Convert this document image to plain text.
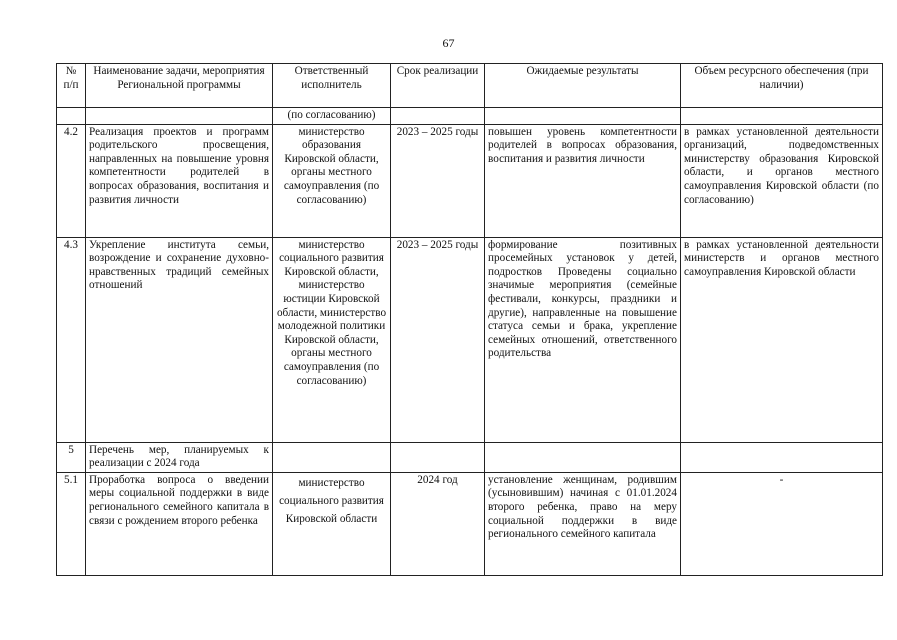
67
№ п/п	Наименование задачи, мероприятия Региональной программы	Ответственный исполнитель	Срок реализации	Ожидаемые результаты	Объем ресурсного обеспечения (при наличии)
		(по согласованию)			
4.2	Реализация проектов и программ родительского просвещения, направленных на повышение уровня компетентности родителей в вопросах образования, воспитания и развития личности	министерство образования Кировской области, органы местного самоуправления (по согласованию)	2023 – 2025 годы	повышен уровень компетентности родителей в вопросах образования, воспитания и развития личности	в рамках установленной деятельности организаций, подведомственных министерству образования Кировской области, и органов местного самоуправления Кировской области (по согласованию)
4.3	Укрепление института семьи, возрождение и сохранение духовно-нравственных традиций семейных отношений	министерство социального развития Кировской области, министерство юстиции Кировской области, министерство молодежной политики Кировской области, органы местного самоуправления (по согласованию)	2023 – 2025 годы	формирование позитивных просемейных установок у детей, подростков Проведены социально значимые мероприятия (семейные фестивали, конкурсы, праздники и другие), направленные на повышение статуса семьи и брака, укрепление семейных отношений, ответственного родительства	в рамках установленной деятельности министерств и органов местного самоуправления Кировской области
5	Перечень мер, планируемых к реализации с 2024 года				
5.1	Проработка вопроса о введении меры социальной поддержки в виде регионального семейного капитала в связи с рождением второго ребенка	министерство социального развития Кировской области	2024 год	установление женщинам, родившим (усыновившим) начиная с 01.01.2024 второго ребенка, право на меру социальной поддержки в виде регионального семейного капитала	-
